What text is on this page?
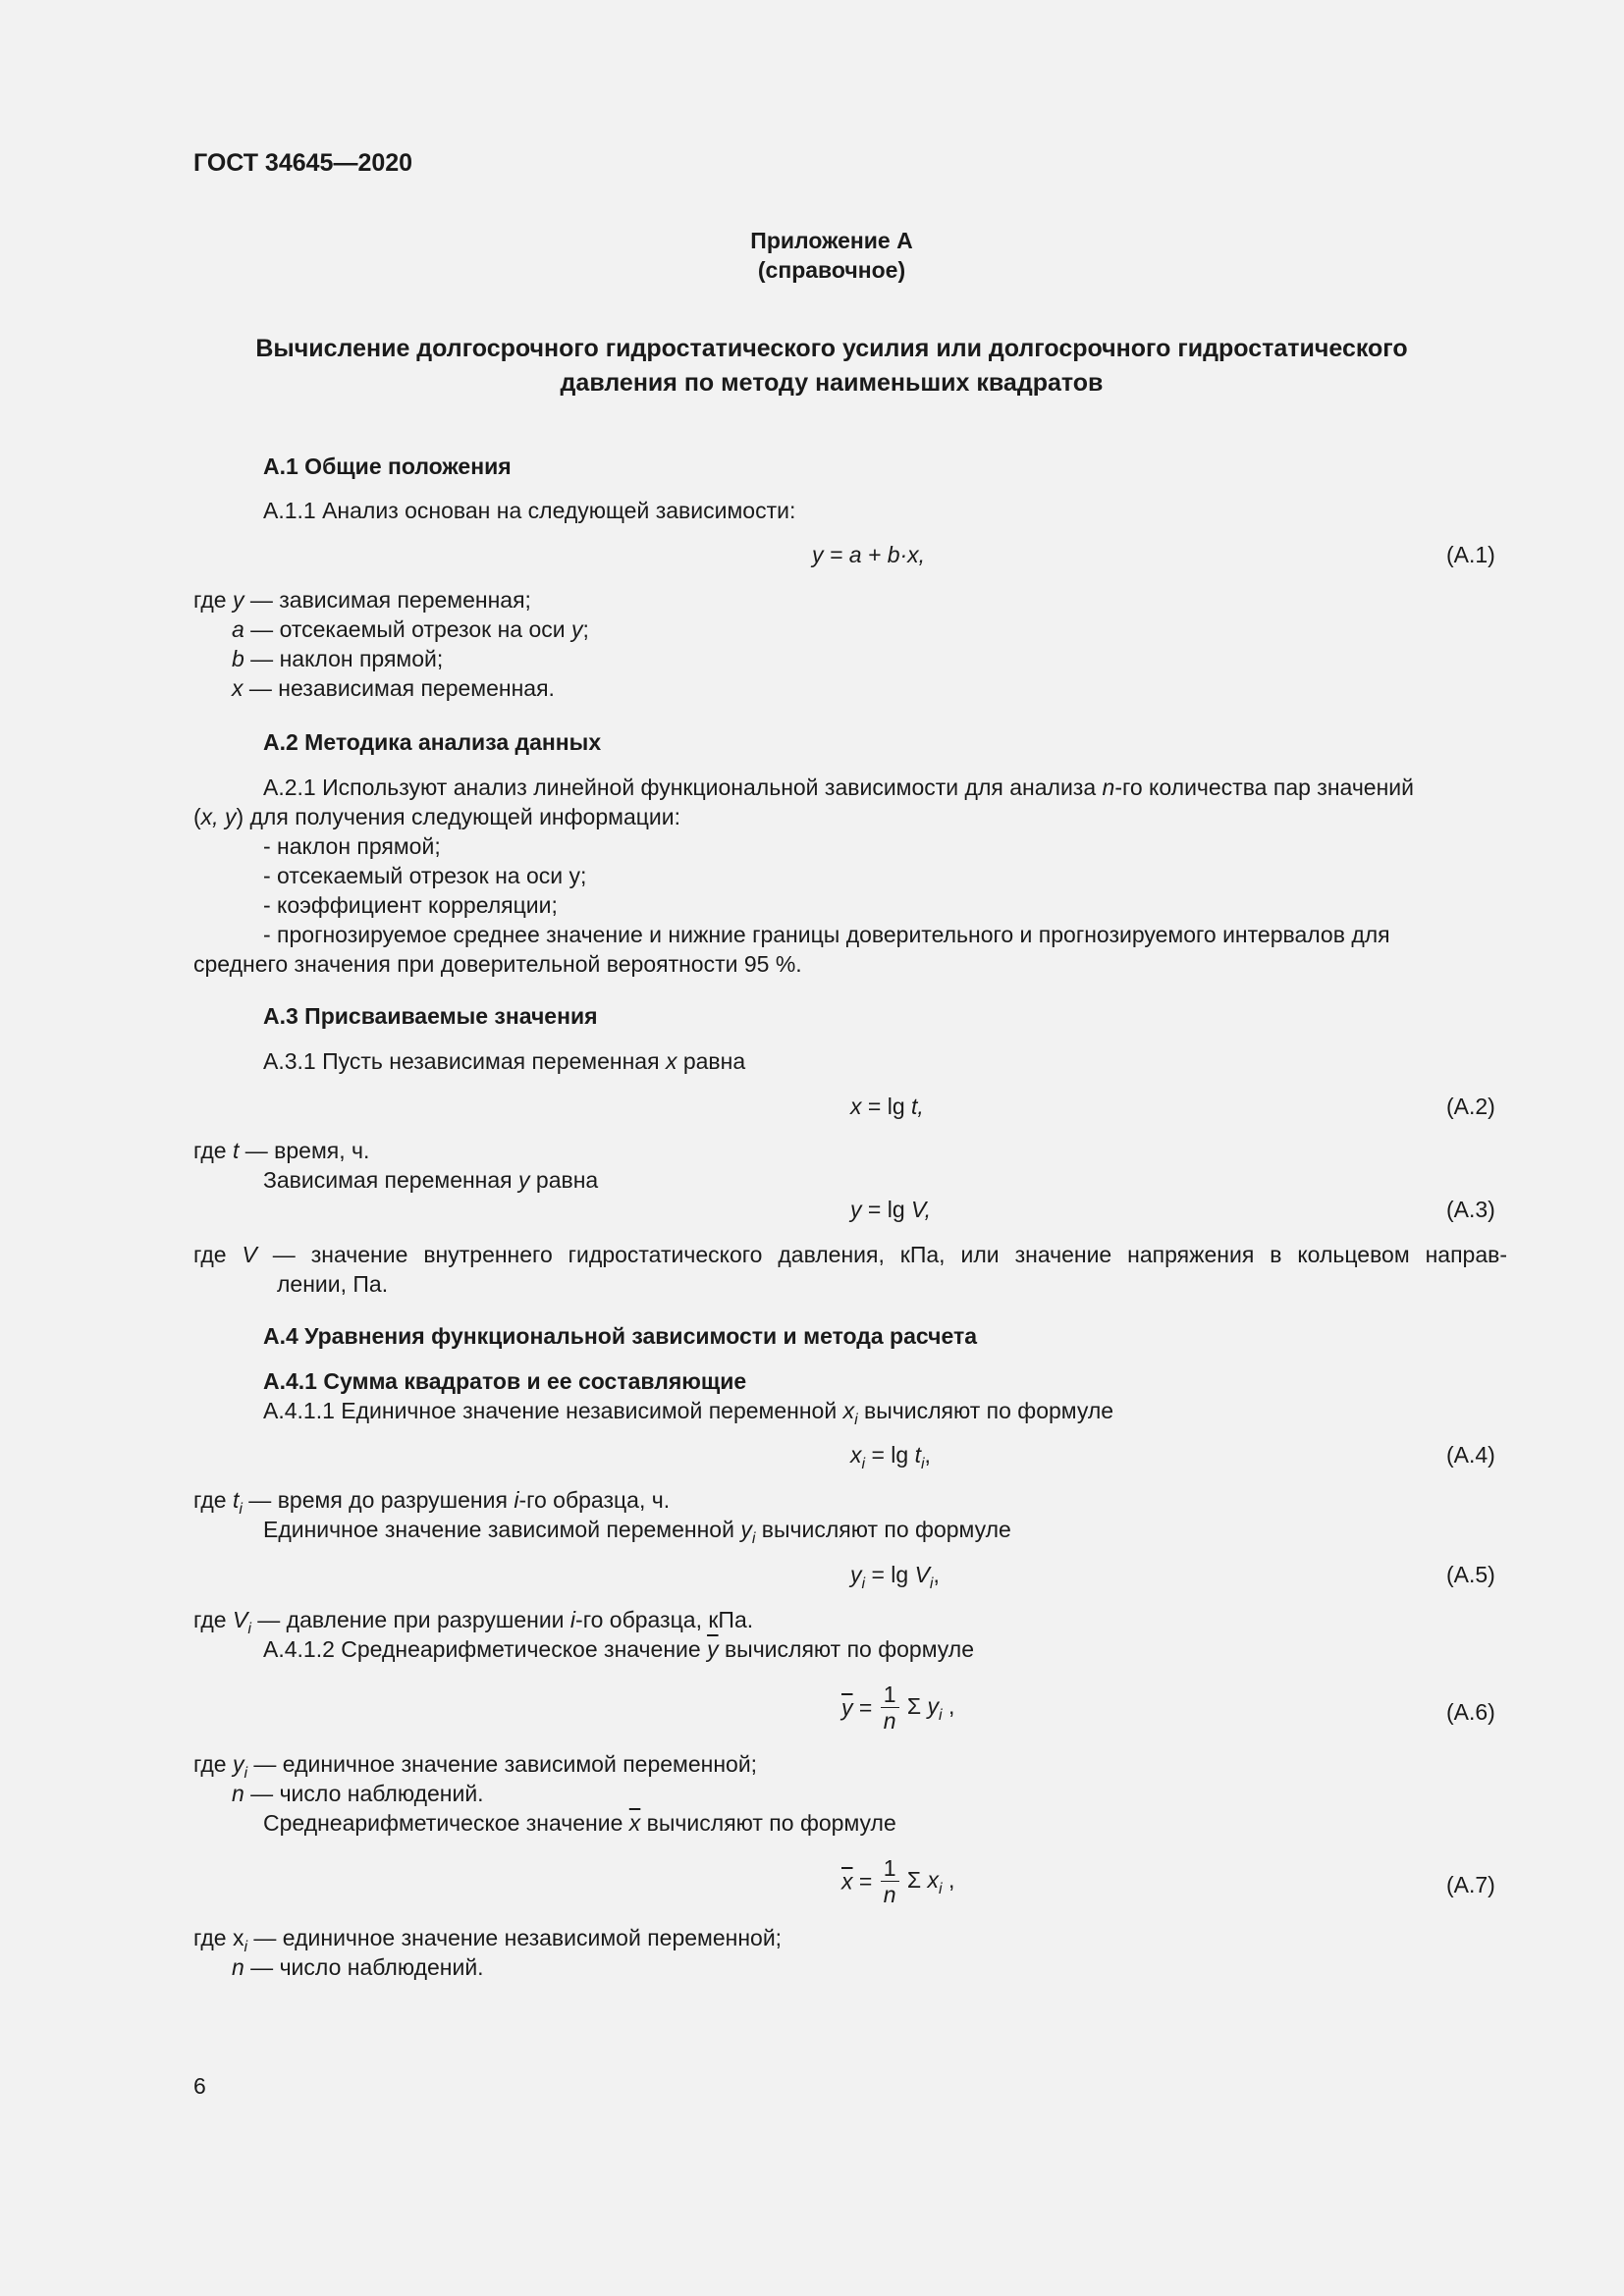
ГОСТ 34645—2020
Приложение А
(справочное)
Вычисление долгосрочного гидростатического усилия или долгосрочного гидростатического
давления по методу наименьших квадратов
А.1 Общие положения
А.1.1 Анализ основан на следующей зависимости:
y = a + b·x,	(А.1)
где y — зависимая переменная;
a — отсекаемый отрезок на оси y;
b — наклон прямой;
x — независимая переменная.
А.2 Методика анализа данных
А.2.1 Используют анализ линейной функциональной зависимости для анализа n-го количества пар значений
(x, y) для получения следующей информации:
- наклон прямой;
- отсекаемый отрезок на оси y;
- коэффициент корреляции;
- прогнозируемое среднее значение и нижние границы доверительного и прогнозируемого интервалов для
среднего значения при доверительной вероятности 95 %.
А.3 Присваиваемые значения
А.3.1 Пусть независимая переменная x равна
x = lg t,	(А.2)
где t — время, ч.
Зависимая переменная y равна
y = lg V,	(А.3)
где V — значение внутреннего гидростатического давления, кПа, или значение напряжения в кольцевом направ-
лении, Па.
А.4 Уравнения функциональной зависимости и метода расчета
А.4.1 Сумма квадратов и ее составляющие
А.4.1.1 Единичное значение независимой переменной $x_i$ вычисляют по формуле
$x_i = \lg t_i$,	(А.4)
где $t_i$ — время до разрушения i-го образца, ч.
Единичное значение зависимой переменной $y_i$ вычисляют по формуле
$y_i = \lg V_i$,	(А.5)
где $V_i$ — давление при разрушении i-го образца, кПа.
А.4.1.2 Среднеарифметическое значение $\overline{y}$ вычисляют по формуле
$\overline{y} = \frac{1}{n}$ Σ $y_i$ ,	(А.6)
где $y_i$ — единичное значение зависимой переменной;
n — число наблюдений.
Среднеарифметическое значение $\overline{x}$ вычисляют по формуле
$\overline{x} = \frac{1}{n}$ Σ $x_i$ ,	(А.7)
где $x_i$ — единичное значение независимой переменной;
n — число наблюдений.
6
